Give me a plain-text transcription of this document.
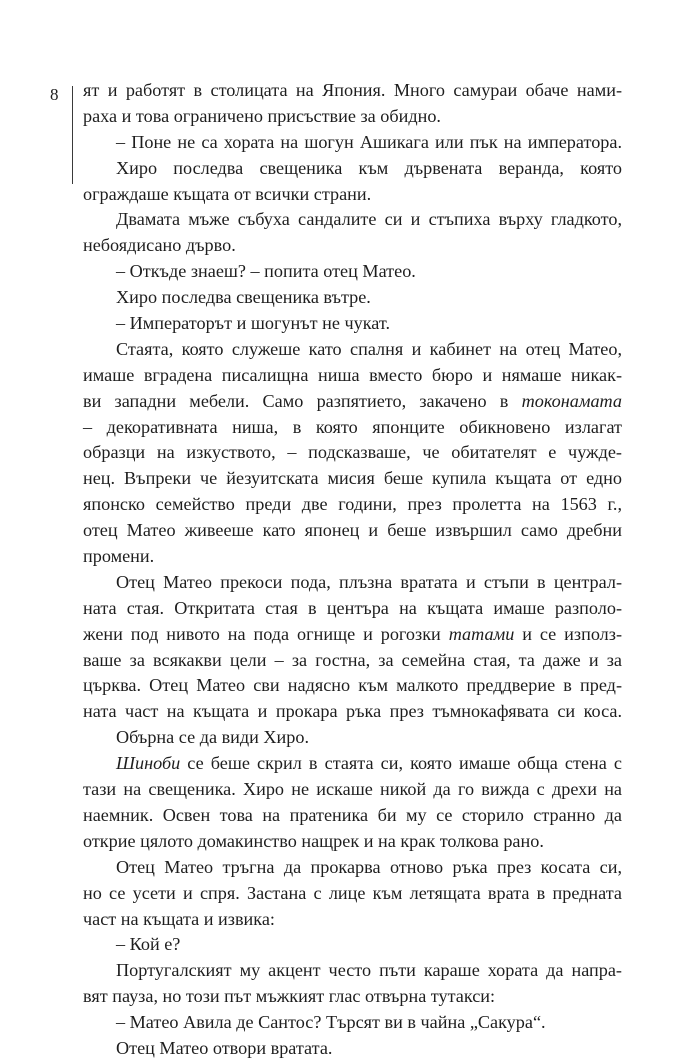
8 ят и работят в столицата на Япония. Много самураи обаче нами-
раха и това ограничено присъствие за обидно.
– Поне не са хората на шогун Ашикага или пък на императора.
Хиро последва свещеника към дървената веранда, която
ограждаше къщата от всички страни.
Двамата мъже събуха сандалите си и стъпиха върху гладкото,
небоядисано дърво.
– Откъде знаеш? – попита отец Матео.
Хиро последва свещеника вътре.
– Императорът и шогунът не чукат.
Стаята, която служеше като спалня и кабинет на отец Матео,
имаше вградена писалищна ниша вместо бюро и нямаше никак-
ви западни мебели. Само разпятието, закачено в токонамата
– декоративната ниша, в която японците обикновено излагат
образци на изкуството, – подсказваше, че обитателят е чужде-
нец. Въпреки че йезуитската мисия беше купила къщата от едно
японско семейство преди две години, през пролетта на 1563 г.,
отец Матео живееше като японец и беше извършил само дребни
промени.
Отец Матео прекоси пода, плъзна вратата и стъпи в централ-
ната стая. Откритата стая в центъра на къщата имаше разполо-
жени под нивото на пода огнище и рогозки татами и се използ-
ваше за всякакви цели – за гостна, за семейна стая, та даже и за
църква. Отец Матео сви надясно към малкото преддверие в пред-
ната част на къщата и прокара ръка през тъмнокафявата си коса.
Обърна се да види Хиро.
Шиноби се беше скрил в стаята си, която имаше обща стена с
тази на свещеника. Хиро не искаше никой да го вижда с дрехи на
наемник. Освен това на пратеника би му се сторило странно да
открие цялото домакинство нащрек и на крак толкова рано.
Отец Матео тръгна да прокарва отново ръка през косата си,
но се усети и спря. Застана с лице към летящата врата в предната
част на къщата и извика:
– Кой е?
Португалският му акцент често пъти караше хората да напра-
вят пауза, но този път мъжкият глас отвърна тутакси:
– Матео Авила де Сантос? Търсят ви в чайна „Сакура“.
Отец Матео отвори вратата.
